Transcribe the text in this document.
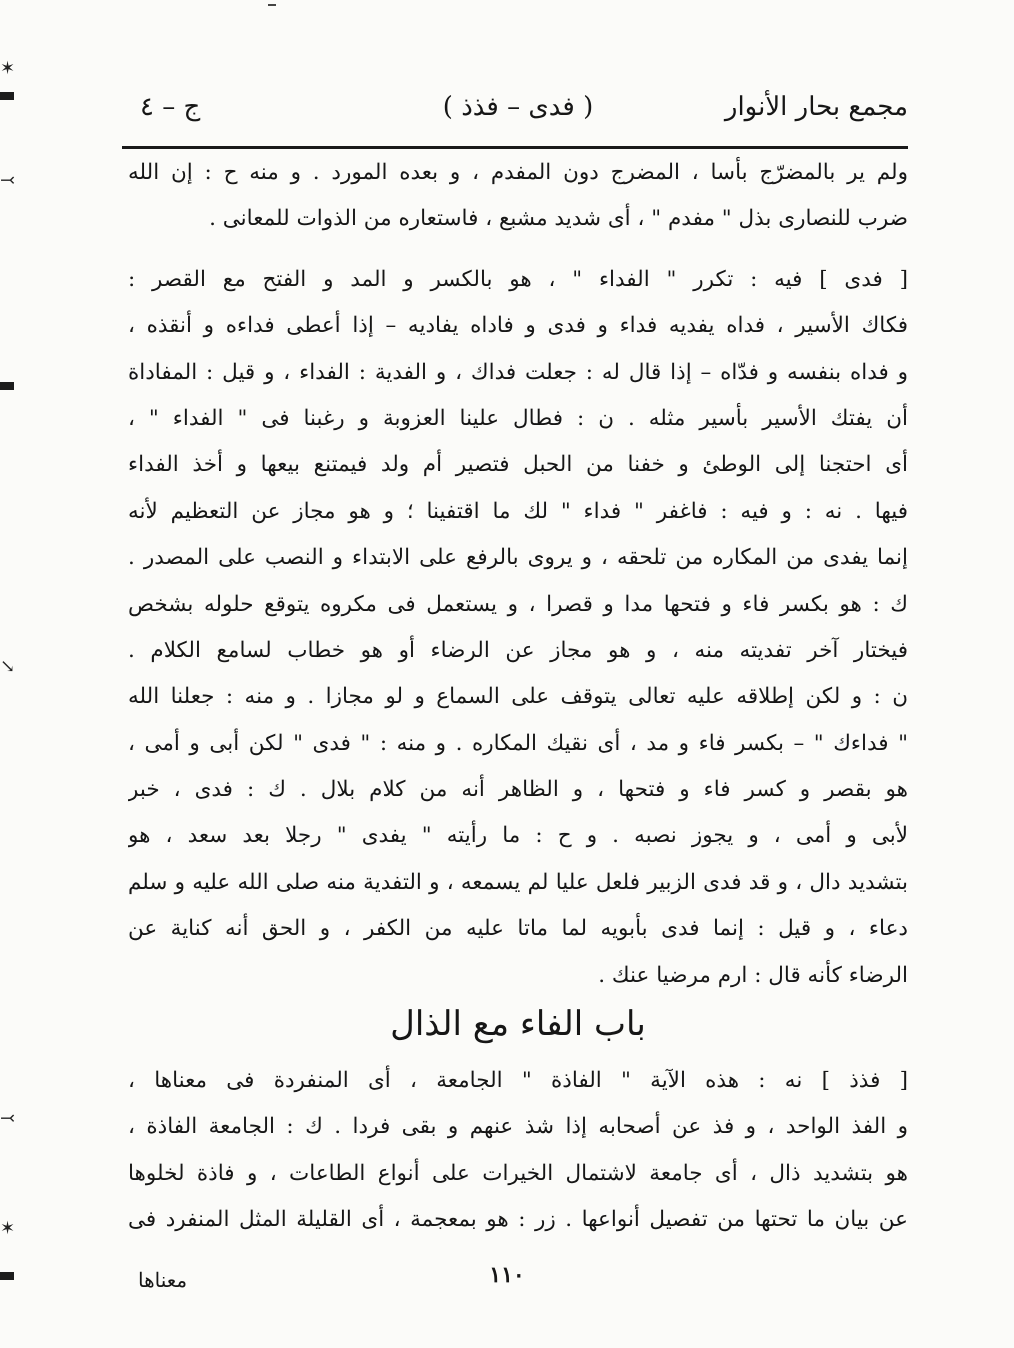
✶
⤙
↘
⤙
✶
مجمع بحار الأنوار
( فدى – فذذ )
ج – ٤
ولم ير بالمضرّج بأسا ، المضرج دون المفدم ، و بعده المورد . و منه ح : إن الله
ضرب للنصارى بذل " مفدم " ، أى شديد مشبع ، فاستعاره من الذوات للمعانى .
[ فدى ] فيه : تكرر " الفداء " ، هو بالكسر و المد و الفتح مع القصر :
فكاك الأسير ، فداه يفديه فداء و فدى و فاداه يفاديه – إذا أعطى فداءه و أنقذه ،
و فداه بنفسه و فدّاه – إذا قال له : جعلت فداك ، و الفدية : الفداء ، و قيل : المفاداة
أن يفتك الأسير بأسير مثله . ن : فطال علينا العزوبة و رغبنا فى " الفداء " ،
أى احتجنا إلى الوطئ و خفنا من الحبل فتصير أم ولد فيمتنع بيعها و أخذ الفداء
فيها . نه : و فيه : فاغفر " فداء " لك ما اقتفينا ؛ و هو مجاز عن التعظيم لأنه
إنما يفدى من المكاره من تلحقه ، و يروى بالرفع على الابتداء و النصب على المصدر .
ك : هو بكسر فاء و فتحها مدا و قصرا ، و يستعمل فى مكروه يتوقع حلوله بشخص
فيختار آخر تفديته منه ، و هو مجاز عن الرضاء أو هو خطاب لسامع الكلام .
ن : و لكن إطلاقه عليه تعالى يتوقف على السماع و لو مجازا . و منه : جعلنا الله
" فداءك " – بكسر فاء و مد ، أى نقيك المكاره . و منه : " فدى " لكن أبى و أمى ،
هو بقصر و كسر فاء و فتحها ، و الظاهر أنه من كلام بلال . ك : فدى ، خبر
لأبى و أمى ، و يجوز نصبه . و ح : ما رأيته " يفدى " رجلا بعد سعد ، هو
بتشديد دال ، و قد فدى الزبير فلعل عليا لم يسمعه ، و التفدية منه صلى الله عليه و سلم
دعاء ، و قيل : إنما فدى بأبويه لما ماتا عليه من الكفر ، و الحق أنه كناية عن
الرضاء كأنه قال : ارم مرضيا عنك .
باب الفاء مع الذال
[ فذذ ] نه : هذه الآية " الفاذة " الجامعة ، أى المنفردة فى معناها ،
و الفذ الواحد ، و فذ عن أصحابه إذا شذ عنهم و بقى فردا . ك : الجامعة الفاذة ،
هو بتشديد ذال ، أى جامعة لاشتمال الخيرات على أنواع الطاعات ، و فاذة لخلوها
عن بيان ما تحتها من تفصيل أنواعها . زر : هو بمعجمة ، أى القليلة المثل المنفرد فى
١١٠
معناها
